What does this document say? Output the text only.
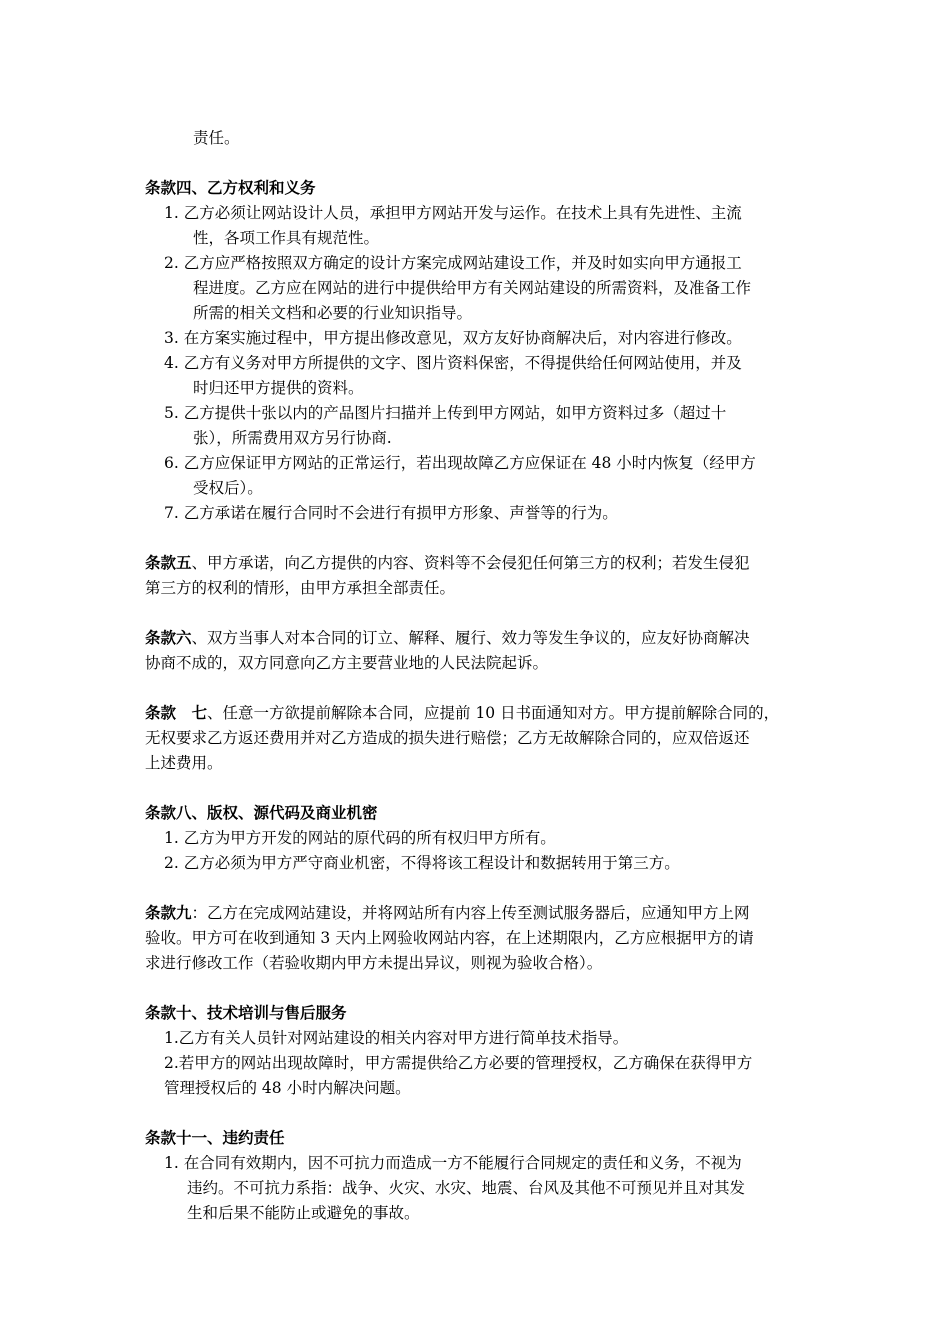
责任。
条款四、乙方权利和义务
1. 乙方必须让网站设计人员，承担甲方网站开发与运作。在技术上具有先进性、主流
性，各项工作具有规范性。
2. 乙方应严格按照双方确定的设计方案完成网站建设工作，并及时如实向甲方通报工
程进度。乙方应在网站的进行中提供给甲方有关网站建设的所需资料，及准备工作
所需的相关文档和必要的行业知识指导。
3. 在方案实施过程中，甲方提出修改意见，双方友好协商解决后，对内容进行修改。
4. 乙方有义务对甲方所提供的文字、图片资料保密，不得提供给任何网站使用，并及
时归还甲方提供的资料。
5. 乙方提供十张以内的产品图片扫描并上传到甲方网站，如甲方资料过多（超过十
张），所需费用双方另行协商.
6. 乙方应保证甲方网站的正常运行，若出现故障乙方应保证在 48 小时内恢复（经甲方
受权后）。
7. 乙方承诺在履行合同时不会进行有损甲方形象、声誉等的行为。
条款五、甲方承诺，向乙方提供的内容、资料等不会侵犯任何第三方的权利；若发生侵犯
第三方的权利的情形，由甲方承担全部责任。
条款六、双方当事人对本合同的订立、解释、履行、效力等发生争议的，应友好协商解决
协商不成的，双方同意向乙方主要营业地的人民法院起诉。
条款　七、任意一方欲提前解除本合同，应提前 10 日书面通知对方。甲方提前解除合同的，
无权要求乙方返还费用并对乙方造成的损失进行赔偿；乙方无故解除合同的，应双倍返还
上述费用。
条款八、版权、源代码及商业机密
1. 乙方为甲方开发的网站的原代码的所有权归甲方所有。
2. 乙方必须为甲方严守商业机密，不得将该工程设计和数据转用于第三方。
条款九：乙方在完成网站建设，并将网站所有内容上传至测试服务器后，应通知甲方上网
验收。甲方可在收到通知 3 天内上网验收网站内容，在上述期限内，乙方应根据甲方的请
求进行修改工作（若验收期内甲方未提出异议，则视为验收合格）。
条款十、技术培训与售后服务
1.乙方有关人员针对网站建设的相关内容对甲方进行简单技术指导。
2.若甲方的网站出现故障时，甲方需提供给乙方必要的管理授权，乙方确保在获得甲方
管理授权后的 48 小时内解决问题。
条款十一、违约责任
1. 在合同有效期内，因不可抗力而造成一方不能履行合同规定的责任和义务，不视为
违约。不可抗力系指：战争、火灾、水灾、地震、台风及其他不可预见并且对其发
生和后果不能防止或避免的事故。
